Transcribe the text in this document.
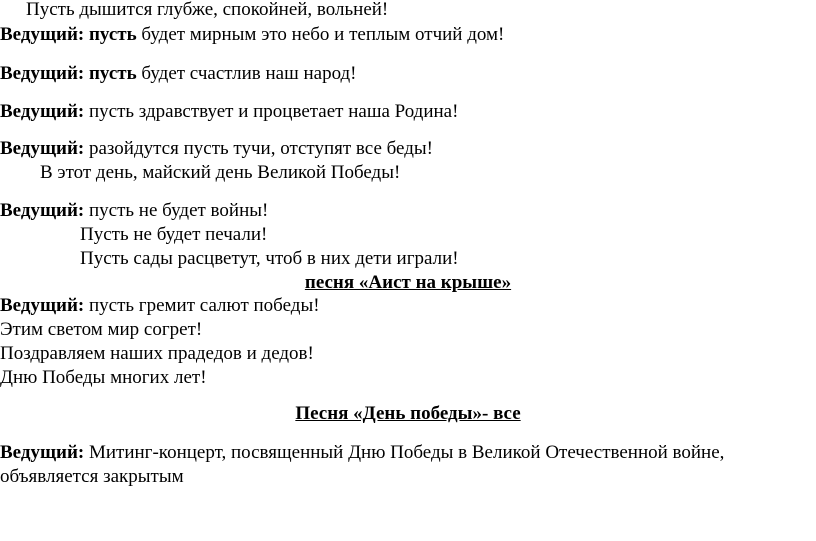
Пусть дышится глубже, спокойней, вольней!
Ведущий: пусть будет мирным это небо и теплым отчий дом!
Ведущий: пусть будет счастлив наш народ!
Ведущий: пусть здравствует и процветает наша Родина!
Ведущий: разойдутся пусть тучи, отступят все беды!
В этот день, майский день Великой Победы!
Ведущий: пусть не будет войны!
Пусть не будет печали!
Пусть сады расцветут, чтоб в них дети играли!
песня «Аист на крыше»
Ведущий: пусть гремит салют победы!
Этим светом мир согрет!
Поздравляем наших прадедов и дедов!
Дню Победы многих лет!
Песня «День победы»- все
Ведущий: Митинг-концерт, посвященный Дню Победы в Великой Отечественной войне,
объявляется закрытым
